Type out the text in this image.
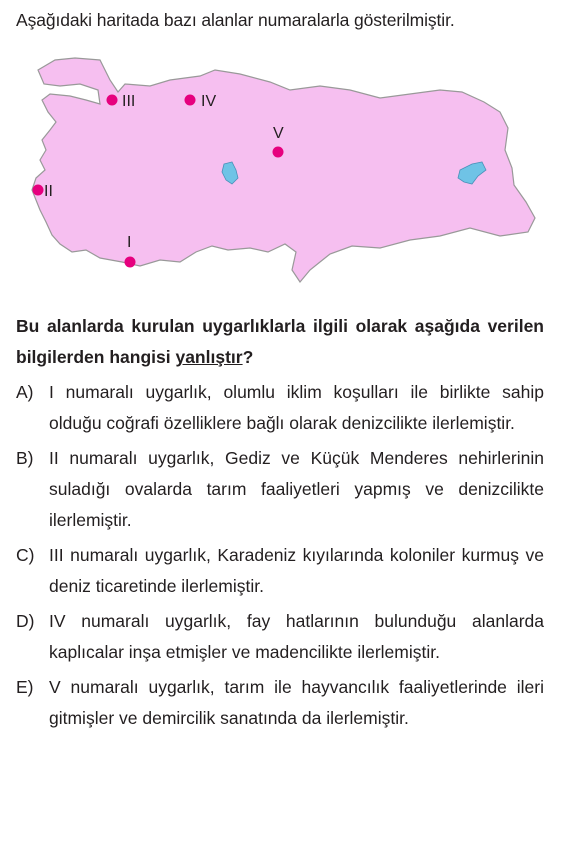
Aşağıdaki haritada bazı alanlar numaralarla gösterilmiştir.
III	IV
V
II
I
Bu alanlarda kurulan uygarlıklarla ilgili olarak aşağıda verilen bilgilerden hangisi yanlıştır?
A) I numaralı uygarlık, olumlu iklim koşulları ile birlikte sahip olduğu coğrafi özelliklere bağlı olarak denizcilikte ilerlemiştir.
B) II numaralı uygarlık, Gediz ve Küçük Menderes nehirlerinin suladığı ovalarda tarım faaliyetleri yapmış ve denizcilikte ilerlemiştir.
C) III numaralı uygarlık, Karadeniz kıyılarında koloniler kurmuş ve deniz ticaretinde ilerlemiştir.
D) IV numaralı uygarlık, fay hatlarının bulunduğu alanlarda kaplıcalar inşa etmişler ve madencilikte ilerlemiştir.
E) V numaralı uygarlık, tarım ile hayvancılık faaliyetlerinde ileri gitmişler ve demircilik sanatında da ilerlemiştir.
